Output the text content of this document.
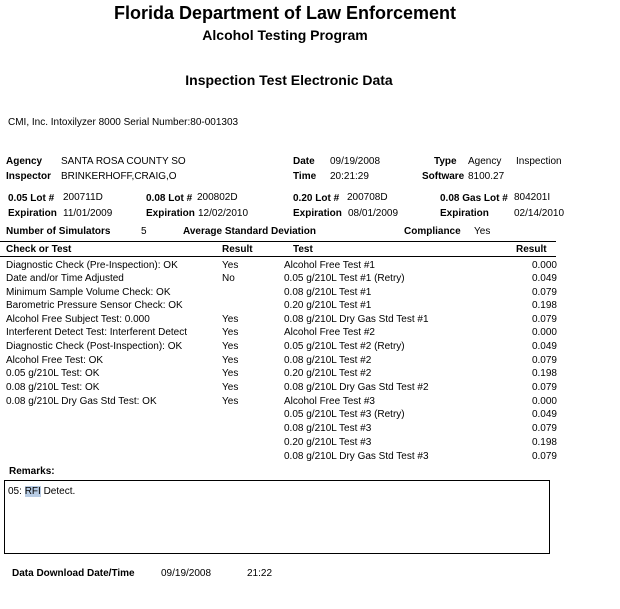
Florida Department of Law Enforcement
Alcohol Testing Program
Inspection Test Electronic Data
CMI, Inc. Intoxilyzer 8000 Serial Number:80-001303
Agency SANTA ROSA COUNTY SO
Inspector BRINKERHOFF,CRAIG,O
Date 09/19/2008
Time 20:21:29
Type Agency Inspection
Software 8100.27
0.05 Lot # 200711D	0.08 Lot # 200802D	0.20 Lot # 200708D	0.08 Gas Lot # 804201I
Expiration 11/01/2009	Expiration 12/02/2010	Expiration 08/01/2009	Expiration	02/14/2010
Number of Simulators	5	Average Standard Deviation	Compliance Yes
Check or Test	Result	Test	Result
Diagnostic Check (Pre-Inspection): OK	Yes
Date and/or Time Adjusted	No
Minimum Sample Volume Check: OK
Barometric Pressure Sensor Check: OK
Alcohol Free Subject Test: 0.000	Yes
Interferent Detect Test: Interferent Detect	Yes
Diagnostic Check (Post-Inspection): OK	Yes
Alcohol Free Test: OK	Yes
0.05 g/210L Test: OK	Yes
0.08 g/210L Test: OK	Yes
0.08 g/210L Dry Gas Std Test: OK	Yes
Alcohol Free Test #1	0.000
0.05 g/210L Test #1 (Retry)	0.049
0.08 g/210L Test #1	0.079
0.20 g/210L Test #1	0.198
0.08 g/210L Dry Gas Std Test #1	0.079
Alcohol Free Test #2	0.000
0.05 g/210L Test #2 (Retry)	0.049
0.08 g/210L Test #2	0.079
0.20 g/210L Test #2	0.198
0.08 g/210L Dry Gas Std Test #2	0.079
Alcohol Free Test #3	0.000
0.05 g/210L Test #3 (Retry)	0.049
0.08 g/210L Test #3	0.079
0.20 g/210L Test #3	0.198
0.08 g/210L Dry Gas Std Test #3	0.079
Remarks:
05: RFI Detect.
Data Download Date/Time	09/19/2008	21:22
